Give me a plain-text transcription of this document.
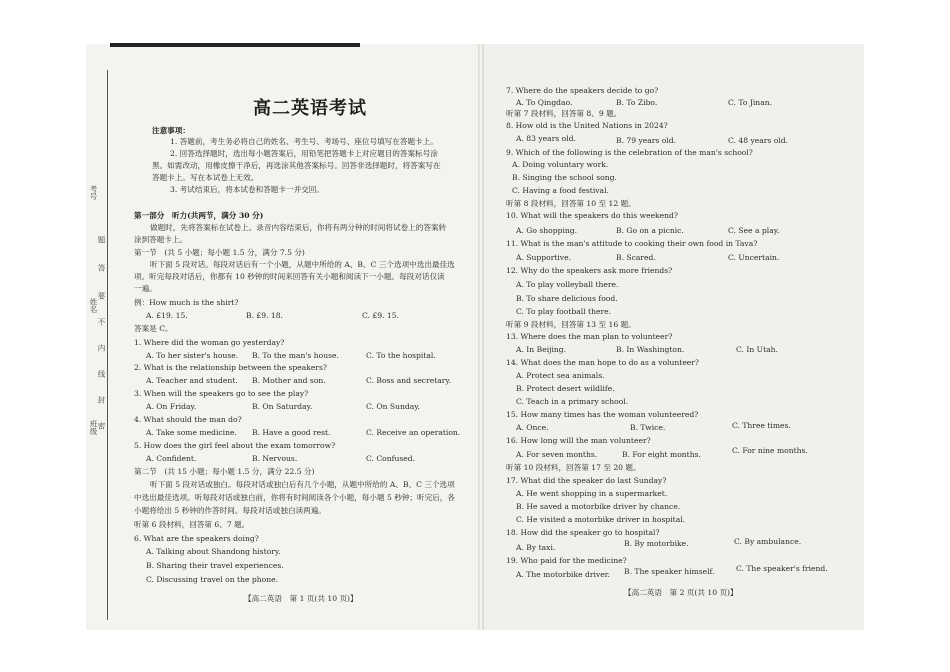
考号
题
答
要
不
内
线
封
密
姓名
班级
高二英语考试
注意事项：
1. 答题前，考生务必将自己的姓名、考生号、考场号、座位号填写在答题卡上。
2. 回答选择题时，选出每小题答案后，用铅笔把答题卡上对应题目的答案标号涂
黑。如需改动，用橡皮擦干净后，再选涂其他答案标号。回答非选择题时，将答案写在
答题卡上。写在本试卷上无效。
3. 考试结束后，将本试卷和答题卡一并交回。
第一部分　听力(共两节，满分 30 分)
做题时，先将答案标在试卷上。录音内容结束后，你将有两分钟的时间将试卷上的答案转
涂到答题卡上。
第一节　(共 5 小题；每小题 1.5 分，满分 7.5 分)
听下面 5 段对话。每段对话后有一个小题，从题中所给的 A、B、C 三个选项中选出最佳选
项。听完每段对话后，你都有 10 秒钟的时间来回答有关小题和阅读下一小题。每段对话仅读
一遍。
例：How much is the shirt?
A. £19. 15.	B. £9. 18.	C. £9. 15.
答案是 C。
1. Where did the woman go yesterday?
A. To her sister's house. B. To the man's house.	C. To the hospital.
2. What is the relationship between the speakers?
A. Teacher and student. B. Mother and son.	C. Boss and secretary.
3. When will the speakers go to see the play?
A. On Friday.	B. On Saturday.	C. On Sunday.
4. What should the man do?
A. Take some medicine. B. Have a good rest.	C. Receive an operation.
5. How does the girl feel about the exam tomorrow?
A. Confident.	B. Nervous.	C. Confused.
第二节　(共 15 小题；每小题 1.5 分，满分 22.5 分)
听下面 5 段对话或独白。每段对话或独白后有几个小题，从题中所给的 A、B、C 三个选项
中选出最佳选项。听每段对话或独白前，你将有时间阅读各个小题，每小题 5 秒钟；听完后，各
小题将给出 5 秒钟的作答时间。每段对话或独白读两遍。
听第 6 段材料，回答第 6、7 题。
6. What are the speakers doing?
A. Talking about Shandong history.
B. Sharing their travel experiences.
C. Discussing travel on the phone.
【高二英语　第 1 页(共 10 页)】
7. Where do the speakers decide to go?
A. To Qingdao.	B. To Zibo.	C. To Jinan.
听第 7 段材料，回答第 8、9 题。
8. How old is the United Nations in 2024?
A. 83 years old.	B. 79 years old.	C. 48 years old.
9. Which of the following is the celebration of the man's school?
A. Doing voluntary work.
B. Singing the school song.
C. Having a food festival.
听第 8 段材料，回答第 10 至 12 题。
10. What will the speakers do this weekend?
A. Go shopping.	B. Go on a picnic.	C. See a play.
11. What is the man's attitude to cooking their own food in Tava?
A. Supportive.	B. Scared.	C. Uncertain.
12. Why do the speakers ask more friends?
A. To play volleyball there.
B. To share delicious food.
C. To play football there.
听第 9 段材料，回答第 13 至 16 题。
13. Where does the man plan to volunteer?
A. In Beijing.	B. In Washington.	C. In Utah.
14. What does the man hope to do as a volunteer?
A. Protect sea animals.
B. Protect desert wildlife.
C. Teach in a primary school.
15. How many times has the woman volunteered?
A. Once.	B. Twice.	C. Three times.
16. How long will the man volunteer?
A. For seven months.	B. For eight months.	C. For nine months.
听第 10 段材料，回答第 17 至 20 题。
17. What did the speaker do last Sunday?
A. He went shopping in a supermarket.
B. He saved a motorbike driver by chance.
C. He visited a motorbike driver in hospital.
18. How did the speaker go to hospital?
A. By taxi.	B. By motorbike.	C. By ambulance.
19. Who paid for the medicine?
A. The motorbike driver. B. The speaker himself.	C. The speaker's friend.
【高二英语　第 2 页(共 10 页)】
